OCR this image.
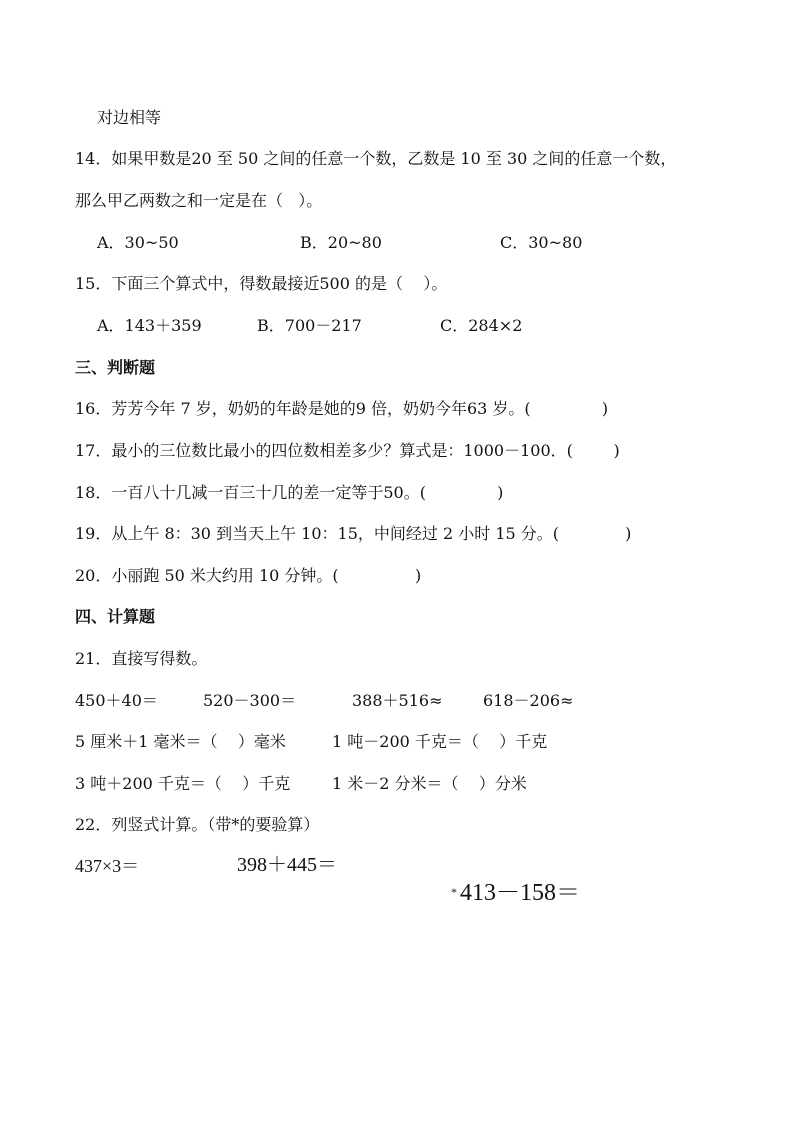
对边相等
14．如果甲数是20 至 50 之间的任意一个数，乙数是 10 至 30 之间的任意一个数，
那么甲乙两数之和一定是在（   ）。
A．30~50	B．20~80	C．30~80
15．下面三个算式中，得数最接近500 的是（    ）。
A．143＋359	B．700－217	C．284×2
三、判断题
16．芳芳今年 7 岁，奶奶的年龄是她的9 倍，奶奶今年63 岁。(              )
17．最小的三位数比最小的四位数相差多少？算式是：1000－100．(        )
18．一百八十几减一百三十几的差一定等于50。(              )
19．从上午 8：30 到当天上午 10：15，中间经过 2 小时 15 分。(             )
20．小丽跑 50 米大约用 10 分钟。(               )
四、计算题
21．直接写得数。
450＋40＝	520－300＝	388＋516≈	618－206≈
5 厘米＋1 毫米＝（    ）毫米	1 吨－200 千克＝（    ）千克
3 吨＋200 千克＝（    ）千克	1 米－2 分米＝（    ）分米
22．列竖式计算。（带*的要验算）
437×3＝	398＋445＝

* 413－158＝
